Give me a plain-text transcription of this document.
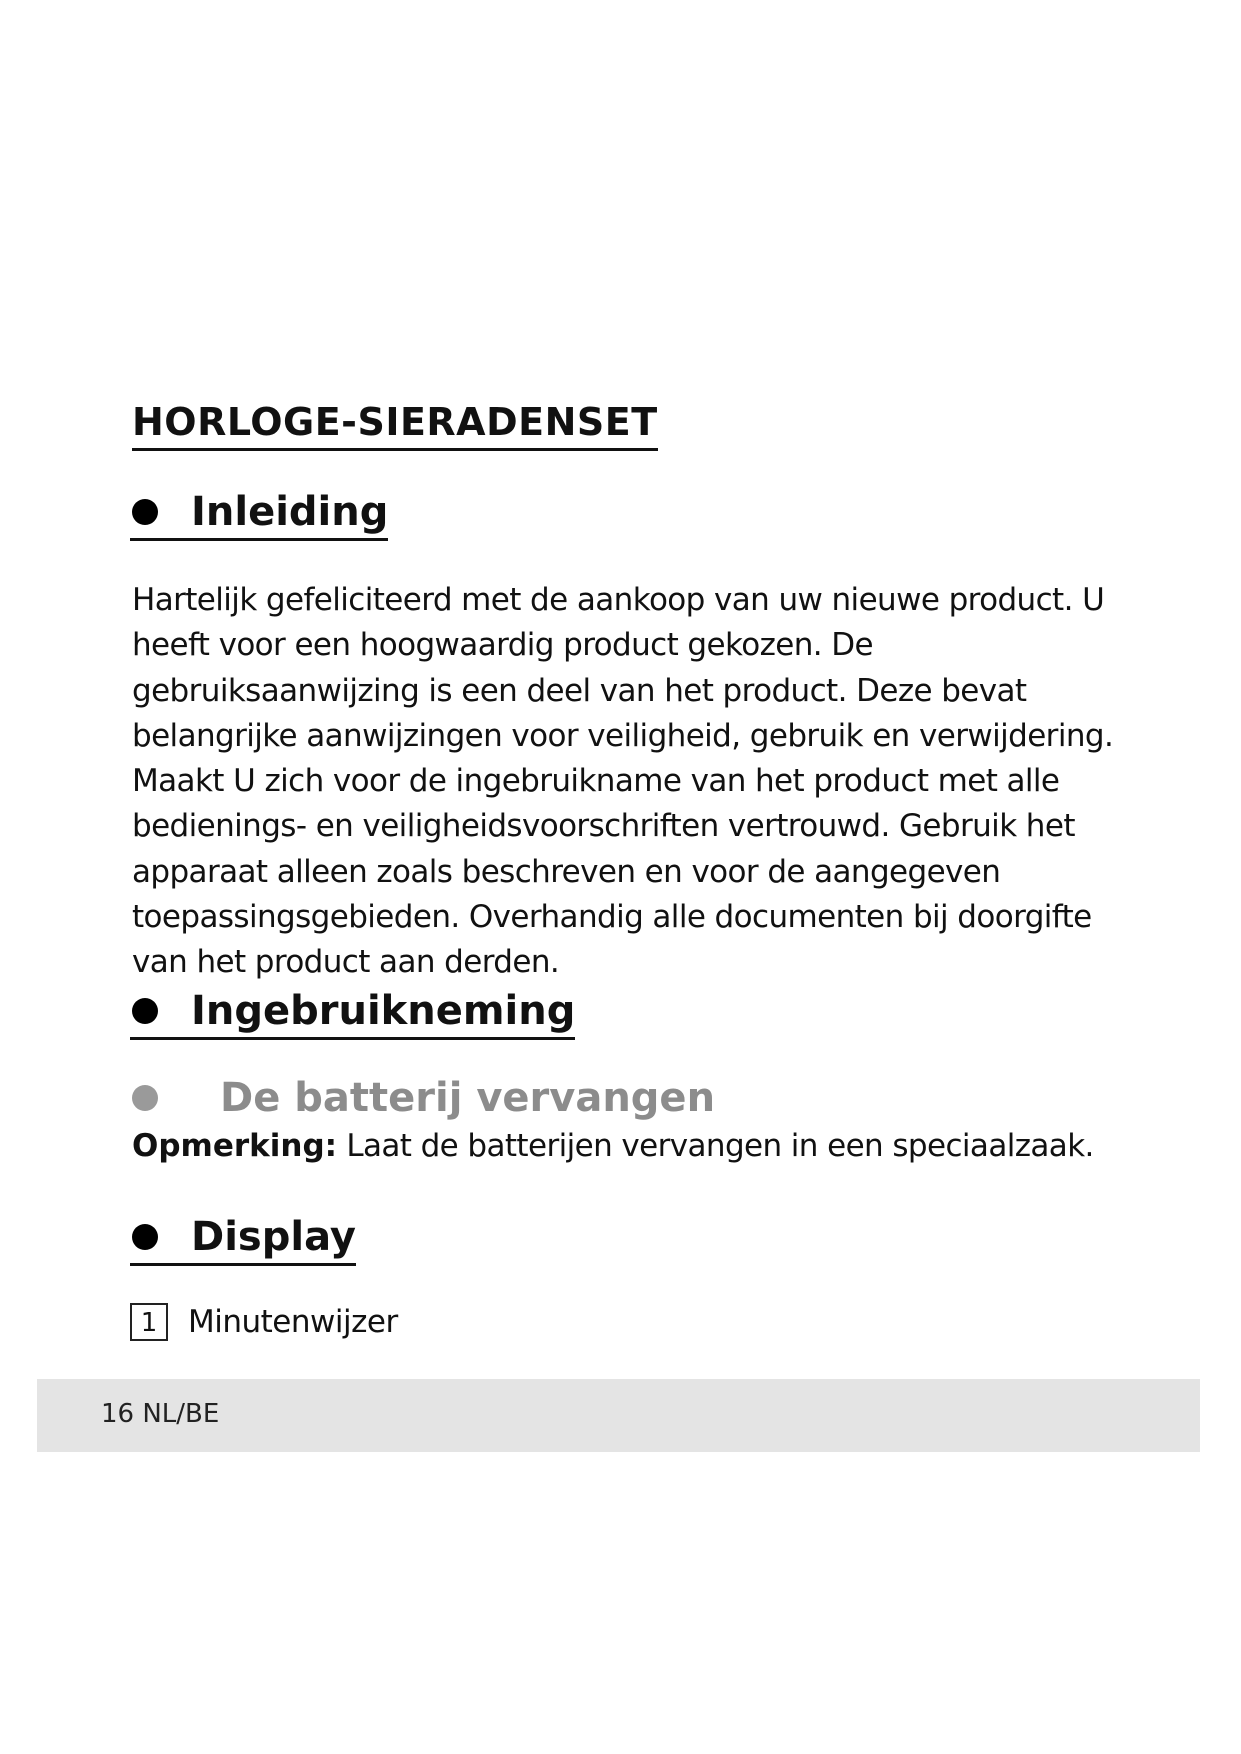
HORLOGE-SIERADENSET
Inleiding

Hartelijk gefeliciteerd met de aankoop van uw nieuwe product. U heeft voor een hoogwaardig product gekozen. De gebruiksaanwijzing is een deel van het product. Deze bevat belangrijke aanwijzingen voor veiligheid, gebruik en verwijdering. Maakt U zich voor de ingebruikname van het product met alle bedienings- en veiligheidsvoorschriften vertrouwd. Gebruik het apparaat alleen zoals beschreven en voor de aangegeven toepassingsgebieden. Overhandig alle documenten bij doorgifte van het product aan derden.

Ingebruikneming
De batterij vervangen

Opmerking: Laat de batterijen vervangen in een speciaalzaak.

Display
1 Minutenwijzer
16 NL/BE
